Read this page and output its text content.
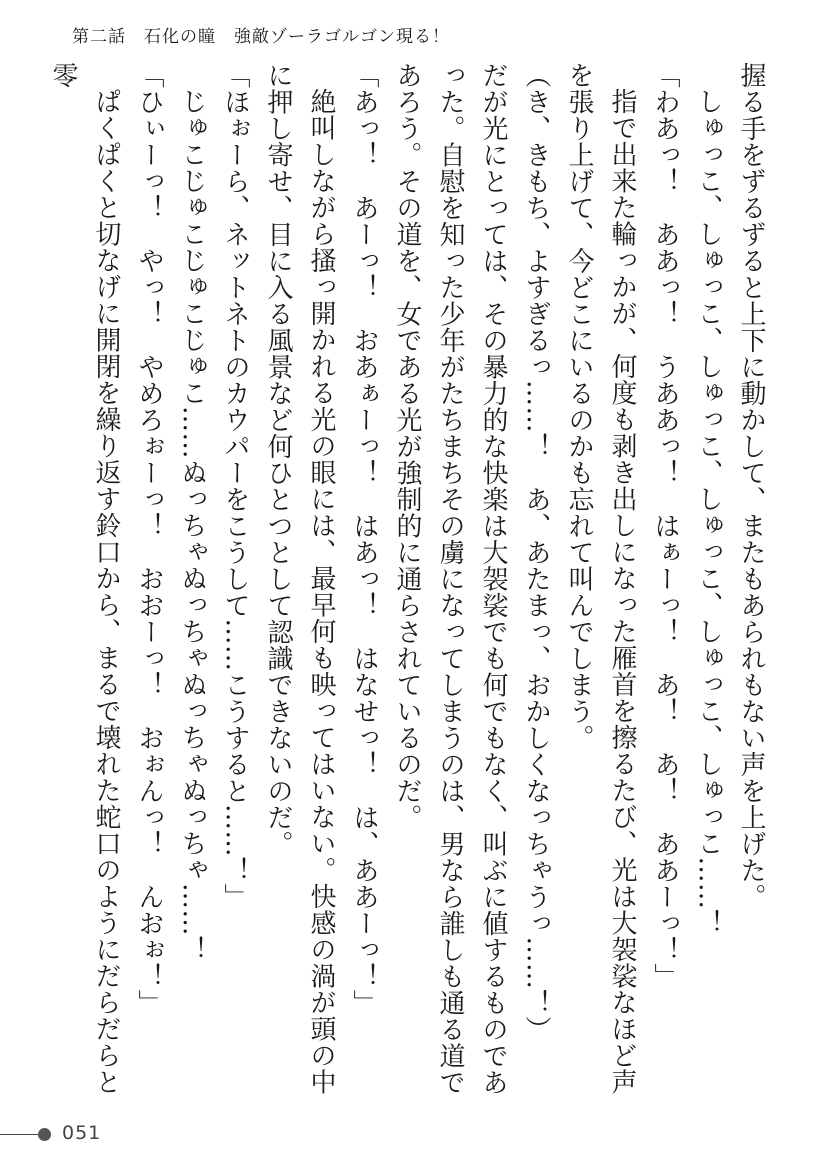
第二話　石化の瞳　強敵ゾーラゴルゴン現る！

握る手をずるずると上下に動かして、またもあられもない声を上げた。

しゅっこ、しゅっこ、しゅっこ、しゅっこ、しゅっこ、しゅっこ……！

「わあっ！　ああっ！　うああっ！　はぁーっ！　あ！　あ！　ああーっ！」

指で出来た輪っかが、何度も剥き出しになった雁首を擦るたび、光は大袈裟なほど声を張り上げて、今どこにいるのかも忘れて叫んでしまう。

（き、きもち、よすぎるっ……！　あ、あたまっ、おかしくなっちゃうっ……！）

だが光にとっては、その暴力的な快楽は大袈裟でも何でもなく、叫ぶに値するものであった。自慰を知った少年がたちまちその虜になってしまうのは、男なら誰しも通る道であろう。その道を、女である光が強制的に通らされているのだ。

「あっ！　あーっ！　おあぁーっ！　はあっ！　はなせっ！　は、ああーっ！」

絶叫しながら搔っ開かれる光の眼には、最早何も映ってはいない。快感の渦が頭の中に押し寄せ、目に入る風景など何ひとつとして認識できないのだ。

「ほぉーら、ネットネトのカウパーをこうして……こうすると……！」

じゅこじゅこじゅこじゅこ……ぬっちゃぬっちゃぬっちゃぬっちゃ……！

「ひぃーっ！　やっ！　やめろぉーっ！　おおーっ！　おぉんっ！　んおぉ！」

ぱくぱくと切なげに開閉を繰り返す鈴口から、まるで壊れた蛇口のようにだらだらと零

051
